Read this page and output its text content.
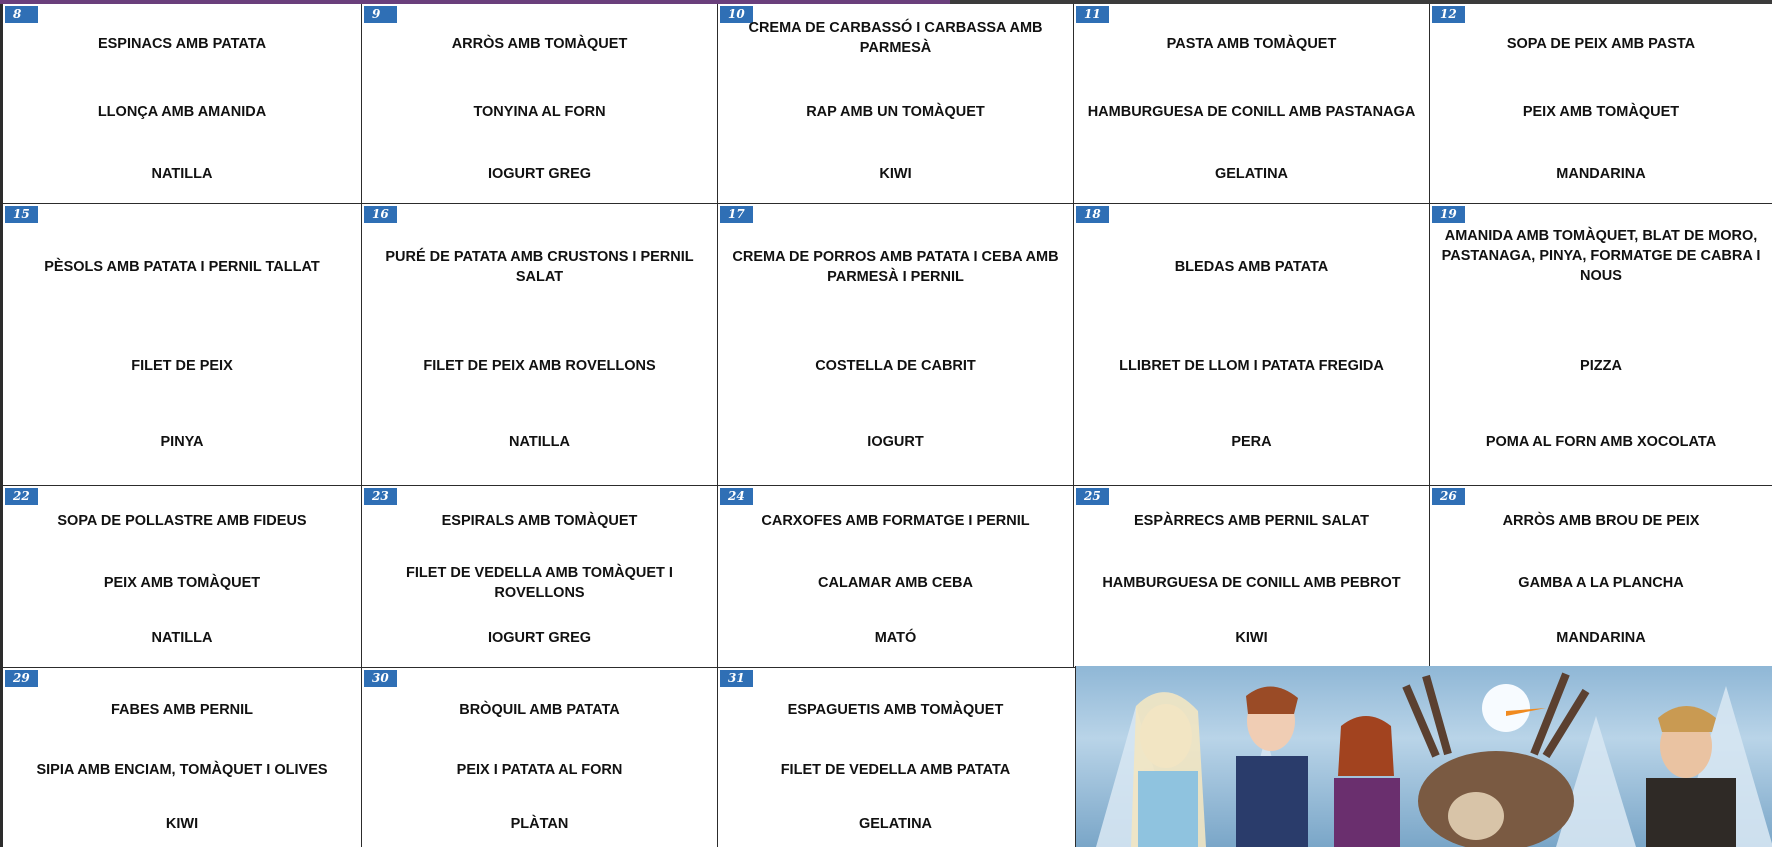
8
ESPINACS AMB PATATA
LLONÇA AMB AMANIDA
NATILLA
9
ARRÒS AMB TOMÀQUET
TONYINA AL FORN
IOGURT GREG
10
CREMA DE CARBASSÓ I CARBASSA AMB PARMESÀ
RAP AMB UN TOMÀQUET
KIWI
11
PASTA AMB TOMÀQUET
HAMBURGUESA DE CONILL AMB PASTANAGA
GELATINA
12
SOPA DE PEIX AMB PASTA
PEIX AMB TOMÀQUET
MANDARINA
15
PÈSOLS AMB PATATA I PERNIL TALLAT
FILET DE PEIX
PINYA
16
PURÉ DE PATATA AMB CRUSTONS I PERNIL SALAT
FILET DE PEIX AMB ROVELLONS
NATILLA
17
CREMA DE PORROS AMB PATATA I CEBA AMB PARMESÀ I PERNIL
COSTELLA DE CABRIT
IOGURT
18
BLEDAS AMB PATATA
LLIBRET DE LLOM I PATATA FREGIDA
PERA
19
AMANIDA AMB TOMÀQUET, BLAT DE MORO, PASTANAGA, PINYA, FORMATGE DE CABRA I NOUS
PIZZA
POMA AL FORN AMB XOCOLATA
22
SOPA DE POLLASTRE AMB FIDEUS
PEIX AMB TOMÀQUET
NATILLA
23
ESPIRALS AMB TOMÀQUET
FILET DE VEDELLA AMB TOMÀQUET I ROVELLONS
IOGURT GREG
24
CARXOFES AMB FORMATGE I PERNIL
CALAMAR AMB CEBA
MATÓ
25
ESPÀRRECS AMB PERNIL SALAT
HAMBURGUESA DE CONILL AMB PEBROT
KIWI
26
ARRÒS AMB BROU DE PEIX
GAMBA A LA PLANCHA
MANDARINA
29
FABES AMB PERNIL
SIPIA AMB ENCIAM, TOMÀQUET I OLIVES
KIWI
30
BRÒQUIL AMB PATATA
PEIX I PATATA AL FORN
PLÀTAN
31
ESPAGUETIS AMB TOMÀQUET
FILET DE VEDELLA AMB PATATA
GELATINA
